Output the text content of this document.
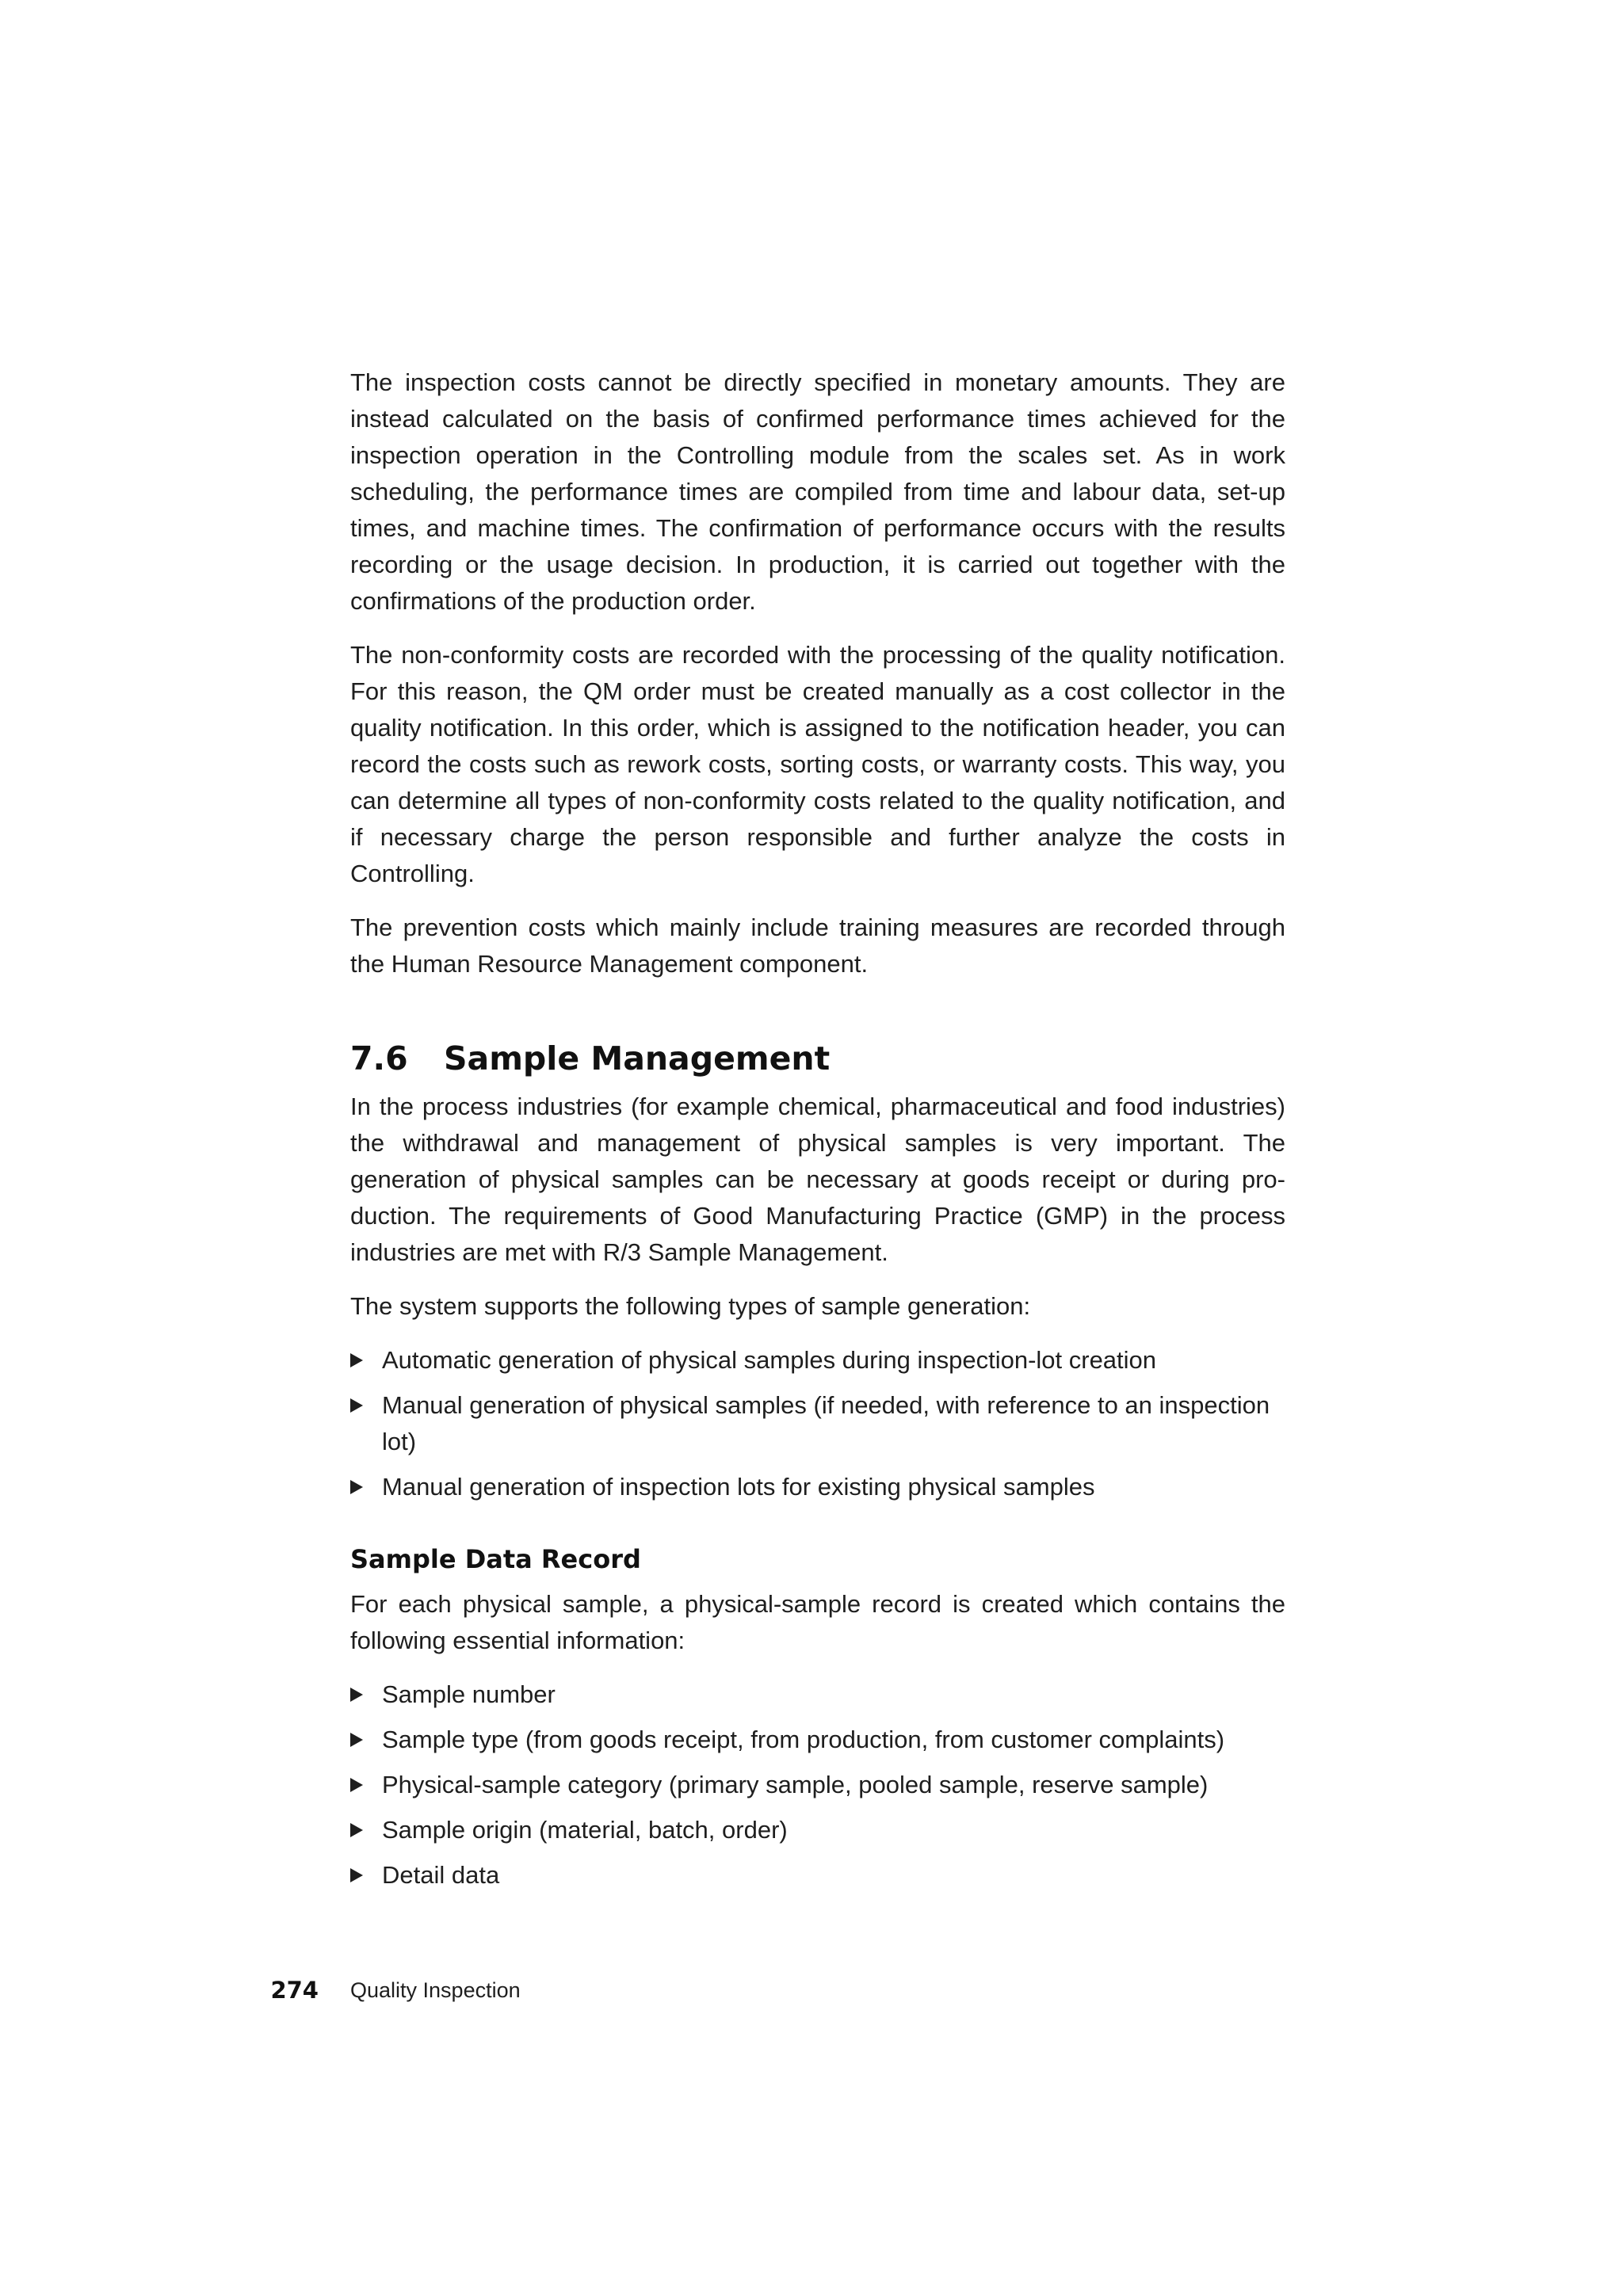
The inspection costs cannot be directly specified in monetary amounts. They are instead calculated on the basis of confirmed performance times achieved for the inspection operation in the Controlling module from the scales set. As in work scheduling, the performance times are compiled from time and labour data, set-up times, and machine times. The confirmation of performance occurs with the results recording or the usage decision. In production, it is carried out together with the confirmations of the production order.

The non-conformity costs are recorded with the processing of the quality notification. For this reason, the QM order must be created manually as a cost collector in the quality notification. In this order, which is assigned to the notification header, you can record the costs such as rework costs, sorting costs, or warranty costs. This way, you can determine all types of non-conformity costs related to the quality notification, and if necessary charge the person responsible and further analyze the costs in Controlling.

The prevention costs which mainly include training measures are recorded through the Human Resource Management component.

7.6 Sample Management

In the process industries (for example chemical, pharmaceutical and food industries) the withdrawal and management of physical samples is very important. The generation of physical samples can be necessary at goods receipt or during production. The requirements of Good Manufacturing Practice (GMP) in the process industries are met with R/3 Sample Management.

The system supports the following types of sample generation:

Automatic generation of physical samples during inspection-lot creation
Manual generation of physical samples (if needed, with reference to an inspection lot)
Manual generation of inspection lots for existing physical samples
Sample Data Record

For each physical sample, a physical-sample record is created which contains the following essential information:

Sample number
Sample type (from goods receipt, from production, from customer complaints)
Physical-sample category (primary sample, pooled sample, reserve sample)
Sample origin (material, batch, order)
Detail data
274 Quality Inspection
